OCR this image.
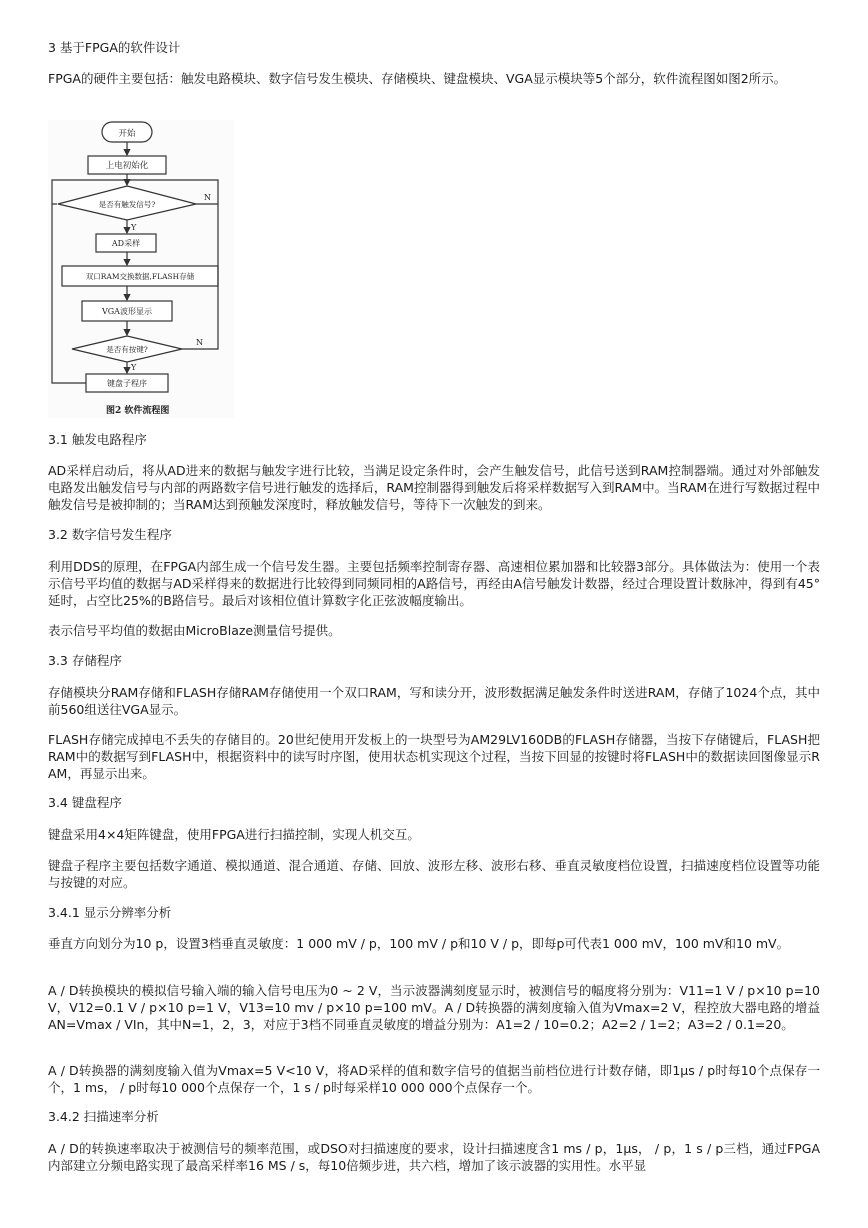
3 基于FPGA的软件设计
FPGA的硬件主要包括：触发电路模块、数字信号发生模块、存储模块、键盘模块、VGA显示模块等5个部分，软件流程图如图2所示。
开始
上电初始化
是否有触发信号?
AD采样
双口RAM交换数据,FLASH存储
VGA波形显示
是否有按键?
键盘子程序
N
Y
N
Y
图2 软件流程图
3.1 触发电路程序
AD采样启动后，将从AD进来的数据与触发字进行比较，当满足设定条件时，会产生触发信号，此信号送到RAM控制器端。通过对外部触发电路发出触发信号与内部的两路数字信号进行触发的选择后，RAM控制器得到触发后将采样数据写入到RAM中。当RAM在进行写数据过程中触发信号是被抑制的；当RAM达到预触发深度时，释放触发信号，等待下一次触发的到来。
3.2 数字信号发生程序
利用DDS的原理，在FPGA内部生成一个信号发生器。主要包括频率控制寄存器、高速相位累加器和比较器3部分。具体做法为：使用一个表示信号平均值的数据与AD采样得来的数据进行比较得到同频同相的A路信号，再经由A信号触发计数器，经过合理设置计数脉冲，得到有45°延时，占空比25%的B路信号。最后对该相位值计算数字化正弦波幅度输出。
表示信号平均值的数据由MicroBlaze测量信号提供。
3.3 存储程序
存储模块分RAM存储和FLASH存储RAM存储使用一个双口RAM，写和读分开，波形数据满足触发条件时送进RAM，存储了1024个点，其中前560组送往VGA显示。
FLASH存储完成掉电不丢失的存储目的。20世纪使用开发板上的一块型号为AM29LV160DB的FLASH存储器，当按下存储键后，FLASH把RAM中的数据写到FLASH中，根据资料中的读写时序图，使用状态机实现这个过程，当按下回显的按键时将FLASH中的数据读回图像显示RAM，再显示出来。
3.4 键盘程序
键盘采用4×4矩阵键盘，使用FPGA进行扫描控制，实现人机交互。
键盘子程序主要包括数字通道、模拟通道、混合通道、存储、回放、波形左移、波形右移、垂直灵敏度档位设置，扫描速度档位设置等功能与按键的对应。
3.4.1 显示分辨率分析
垂直方向划分为10 p，设置3档垂直灵敏度：1 000 mV / p，100 mV / p和10 V / p，即每p可代表1 000 mV，100 mV和10 mV。
A / D转换模块的模拟信号输入端的输入信号电压为0 ~ 2 V，当示波器满刻度显示时，被测信号的幅度将分别为：V11=1 V / p×10 p=10 V，V12=0.1 V / p×10 p=1 V，V13=10 mv / p×10 p=100 mV。A / D转换器的满刻度输入值为Vmax=2 V，程控放大器电路的增益AN=Vmax / VIn，其中N=1，2，3，对应于3档不同垂直灵敏度的增益分别为：A1=2 / 10=0.2；A2=2 / 1=2；A3=2 / 0.1=20。
A / D转换器的满刻度输入值为Vmax=5 V<10 V，将AD采样的值和数字信号的值据当前档位进行计数存储，即1μs / p时每10个点保存一个，1 ms， / p时每10 000个点保存一个，1 s / p时每采样10 000 000个点保存一个。
3.4.2 扫描速率分析
A / D的转换速率取决于被测信号的频率范围，或DSO对扫描速度的要求，设计扫描速度含1 ms / p，1μs， / p，1 s / p三档，通过FPGA内部建立分频电路实现了最高采样率16 MS / s，每10倍频步进，共六档，增加了该示波器的实用性。水平显
